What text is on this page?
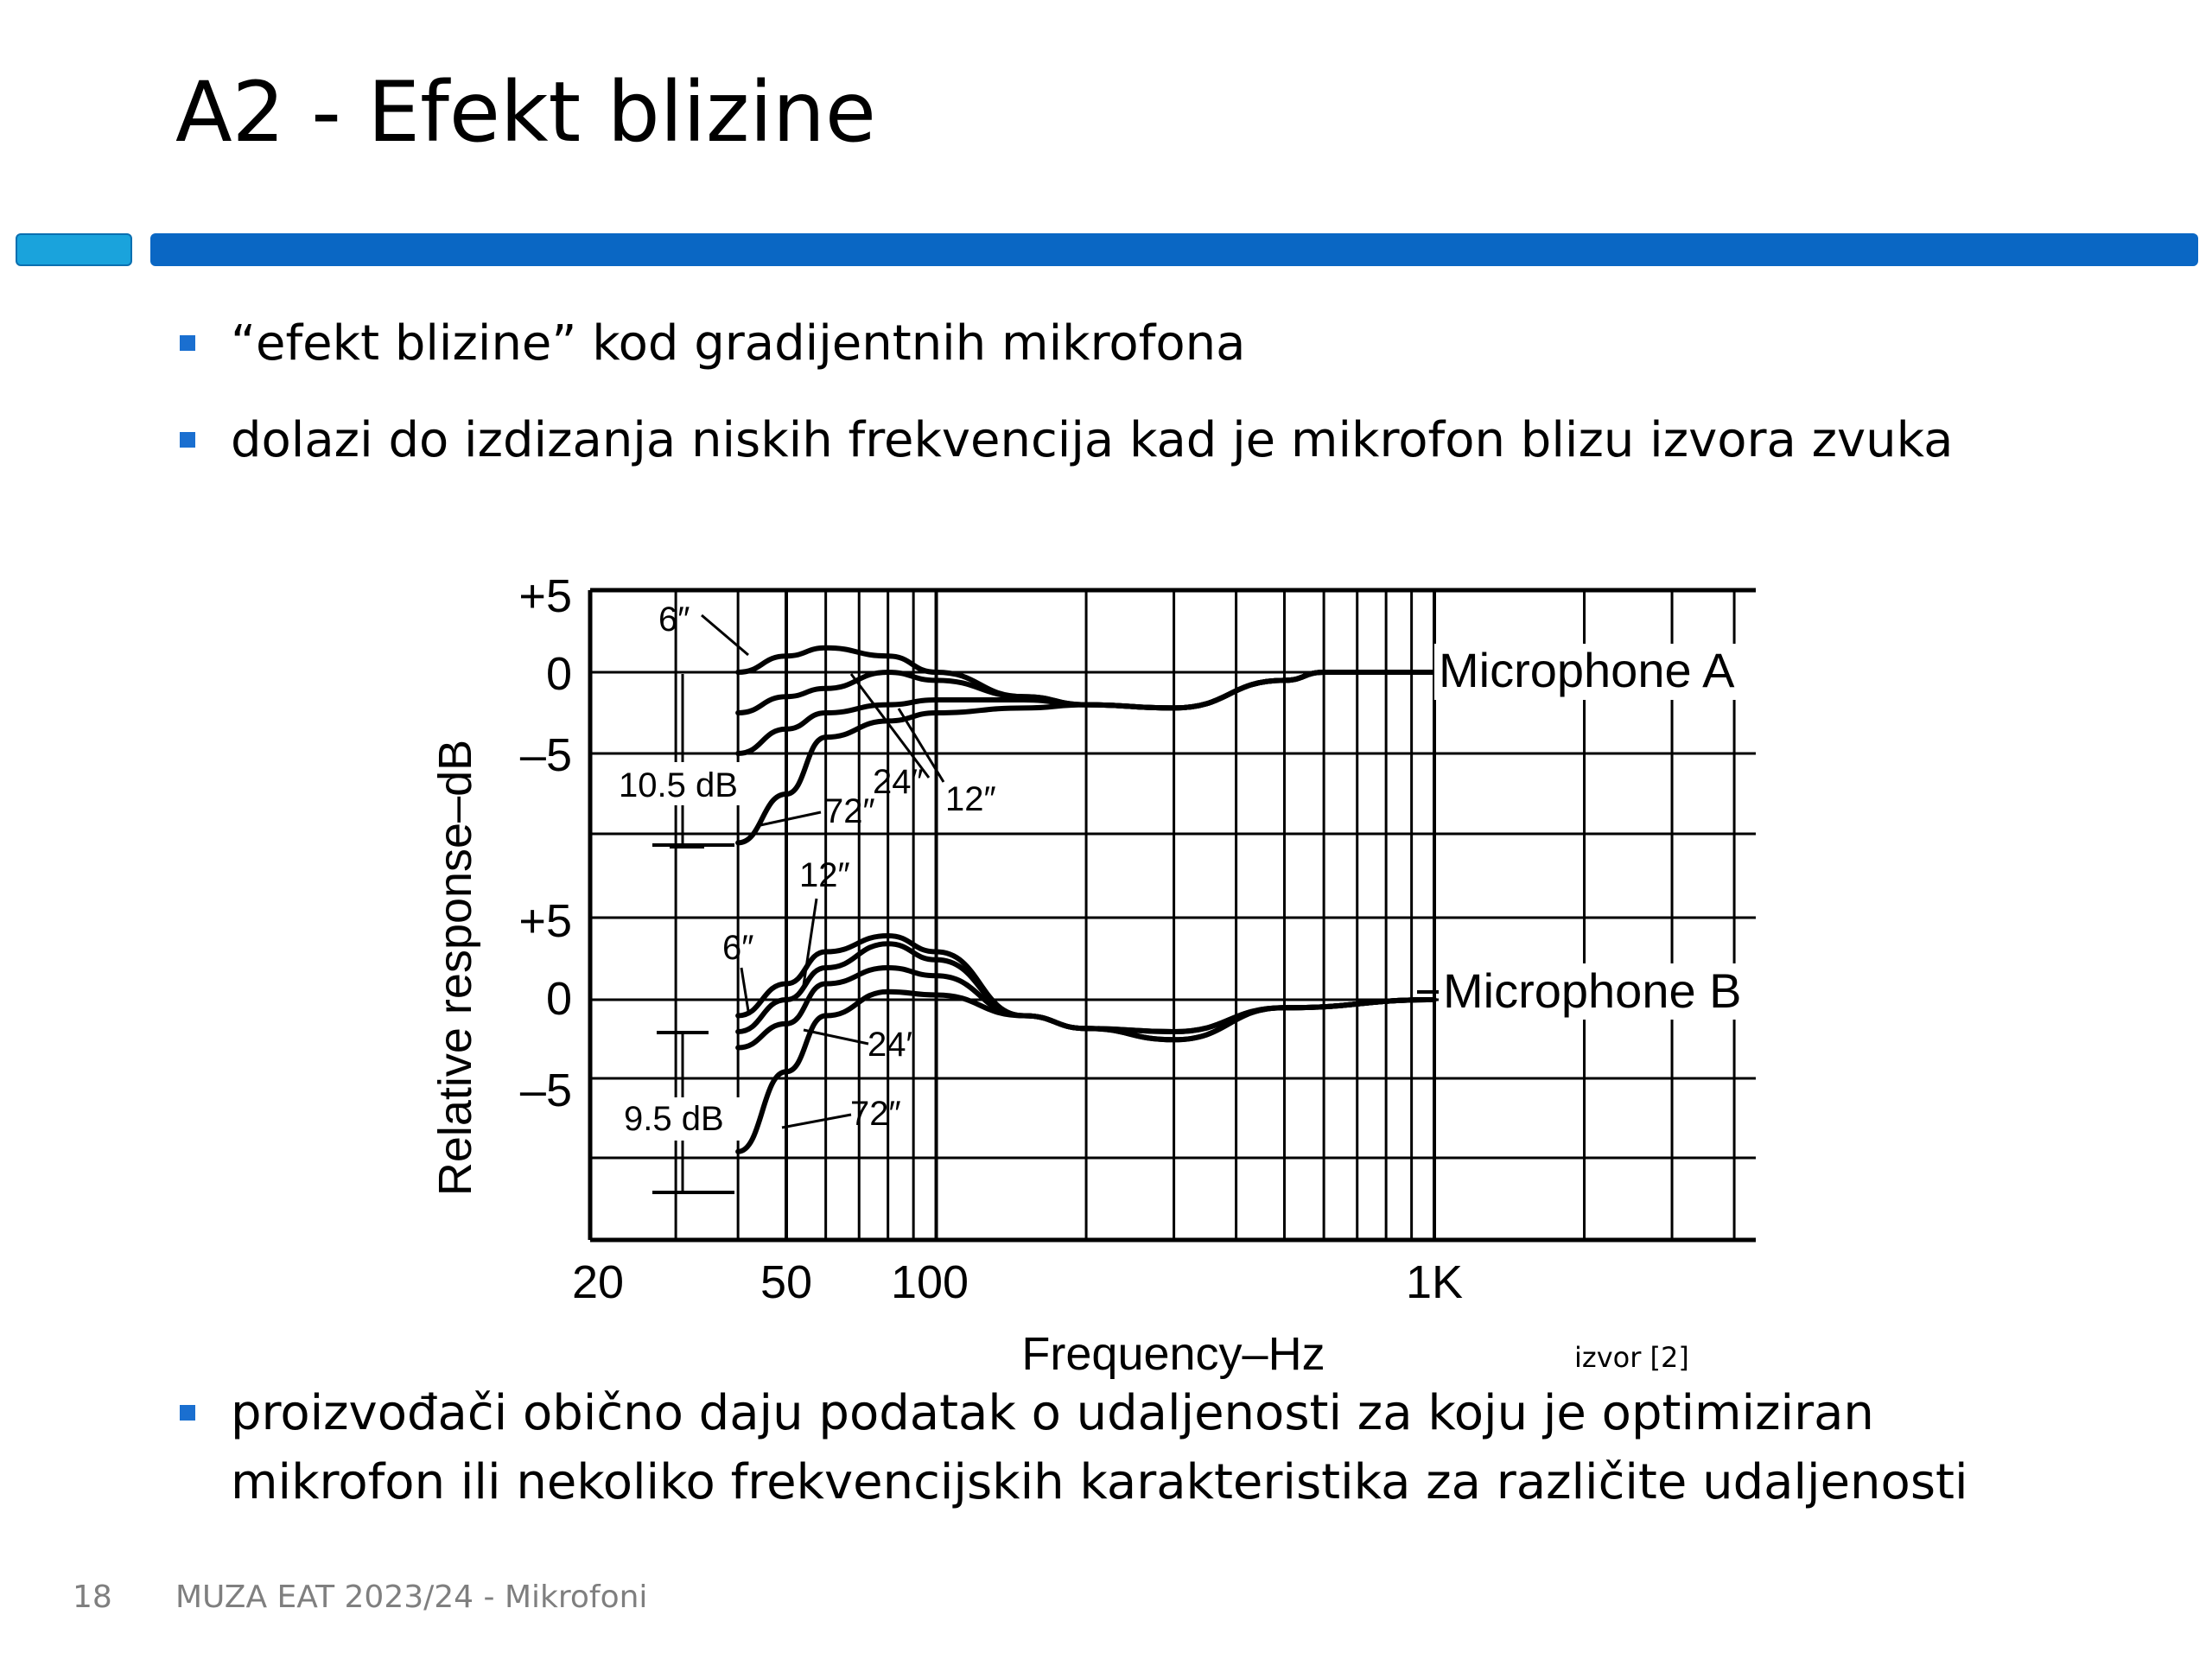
A2 - Efekt blizine
“efekt blizine” kod gradijentnih mikrofona
dolazi do izdizanja niskih frekvencija kad je mikrofon blizu izvora zvuka
Relative response–dB
Frequency–Hz
20	50 100	1K
+5
0
–5
+5
0
–5
Microphone A
Microphone B
10.5 dB
9.5 dB
6″
24″ 12″
72″
12″
6″
24′
72″
izvor [2]
proizvođači obično daju podatak o udaljenosti za koju je optimiziran
mikrofon ili nekoliko frekvencijskih karakteristika za različite udaljenosti
18 MUZA EAT 2023/24 - Mikrofoni
